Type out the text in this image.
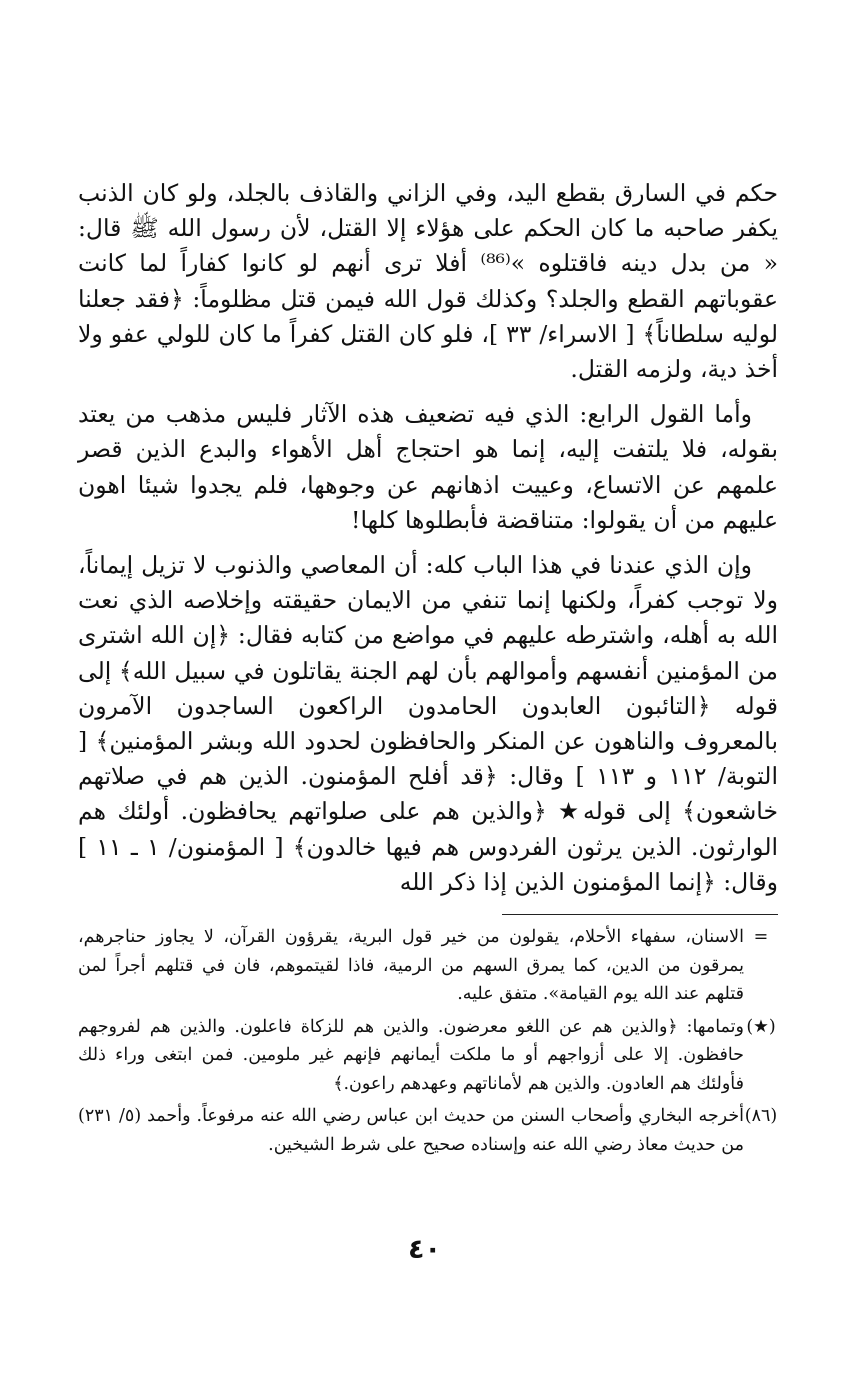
حكم في السارق بقطع اليد، وفي الزاني والقاذف بالجلد، ولو كان الذنب يكفر صاحبه ما كان الحكم على هؤلاء إلا القتل، لأن رسول الله ﷺ قال: « من بدل دينه فاقتلوه »⁽⁸⁶⁾ أفلا ترى أنهم لو كانوا كفاراً لما كانت عقوباتهم القطع والجلد؟ وكذلك قول الله فيمن قتل مظلوماً: ﴿فقد جعلنا لوليه سلطاناً﴾ [ الاسراء/ ٣٣ ]، فلو كان القتل كفراً ما كان للولي عفو ولا أخذ دية، ولزمه القتل.

وأما القول الرابع: الذي فيه تضعيف هذه الآثار فليس مذهب من يعتد بقوله، فلا يلتفت إليه، إنما هو احتجاج أهل الأهواء والبدع الذين قصر علمهم عن الاتساع، وعييت اذهانهم عن وجوهها، فلم يجدوا شيئا اهون عليهم من أن يقولوا: متناقضة فأبطلوها كلها!

وإن الذي عندنا في هذا الباب كله: أن المعاصي والذنوب لا تزيل إيماناً، ولا توجب كفراً، ولكنها إنما تنفي من الايمان حقيقته وإخلاصه الذي نعت الله به أهله، واشترطه عليهم في مواضع من كتابه فقال: ﴿إن الله اشترى من المؤمنين أنفسهم وأموالهم بأن لهم الجنة يقاتلون في سبيل الله﴾ إلى قوله ﴿التائبون العابدون الحامدون الراكعون الساجدون الآمرون بالمعروف والناهون عن المنكر والحافظون لحدود الله وبشر المؤمنين﴾ [ التوبة/ ١١٢ و ١١٣ ] وقال: ﴿قد أفلح المؤمنون. الذين هم في صلاتهم خاشعون﴾ إلى قوله★ ﴿والذين هم على صلواتهم يحافظون. أولئك هم الوارثون. الذين يرثون الفردوس هم فيها خالدون﴾ [ المؤمنون/ ١ ـ ١١ ] وقال: ﴿إنما المؤمنون الذين إذا ذكر الله

=
الاسنان، سفهاء الأحلام، يقولون من خير قول البرية، يقرؤون القرآن، لا يجاوز حناجرهم، يمرقون من الدين، كما يمرق السهم من الرمية، فاذا لقيتموهم، فان في قتلهم أجراً لمن قتلهم عند الله يوم القيامة». متفق عليه.
(★)
وتمامها: ﴿والذين هم عن اللغو معرضون. والذين هم للزكاة فاعلون. والذين هم لفروجهم حافظون. إلا على أزواجهم أو ما ملكت أيمانهم فإنهم غير ملومين. فمن ابتغى وراء ذلك فأولئك هم العادون. والذين هم لأماناتهم وعهدهم راعون.﴾
(٨٦)
أخرجه البخاري وأصحاب السنن من حديث ابن عباس رضي الله عنه مرفوعاً. وأحمد (٥/ ٢٣١) من حديث معاذ رضي الله عنه وإسناده صحيح على شرط الشيخين.
٤٠
